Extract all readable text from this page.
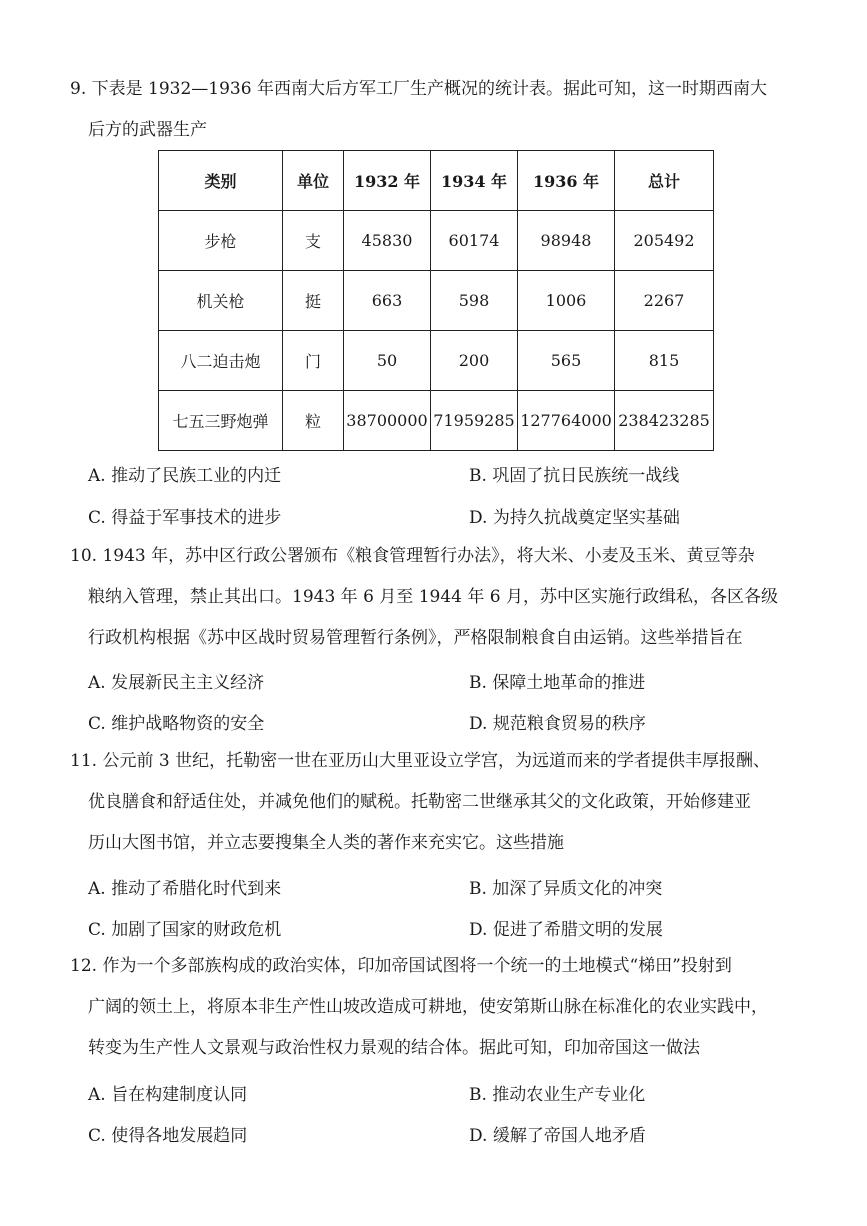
9. 下表是 1932—1936 年西南大后方军工厂生产概况的统计表。据此可知，这一时期西南大

后方的武器生产

类别	单位	1932 年	1934 年	1936 年	总计
步枪	支	45830	60174	98948	205492
机关枪	挺	663	598	1006	2267
八二迫击炮	门	50	200	565	815
七五三野炮弹	粒	38700000	71959285	127764000	238423285
A. 推动了民族工业的内迁	B. 巩固了抗日民族统一战线
C. 得益于军事技术的进步	D. 为持久抗战奠定坚实基础

10. 1943 年，苏中区行政公署颁布《粮食管理暂行办法》，将大米、小麦及玉米、黄豆等杂

粮纳入管理，禁止其出口。1943 年 6 月至 1944 年 6 月，苏中区实施行政缉私，各区各级

行政机构根据《苏中区战时贸易管理暂行条例》，严格限制粮食自由运销。这些举措旨在

A. 发展新民主主义经济	B. 保障土地革命的推进
C. 维护战略物资的安全	D. 规范粮食贸易的秩序

11. 公元前 3 世纪，托勒密一世在亚历山大里亚设立学宫，为远道而来的学者提供丰厚报酬、

优良膳食和舒适住处，并减免他们的赋税。托勒密二世继承其父的文化政策，开始修建亚

历山大图书馆，并立志要搜集全人类的著作来充实它。这些措施

A. 推动了希腊化时代到来	B. 加深了异质文化的冲突
C. 加剧了国家的财政危机	D. 促进了希腊文明的发展

12. 作为一个多部族构成的政治实体，印加帝国试图将一个统一的土地模式“梯田”投射到

广阔的领土上，将原本非生产性山坡改造成可耕地，使安第斯山脉在标准化的农业实践中，

转变为生产性人文景观与政治性权力景观的结合体。据此可知，印加帝国这一做法

A. 旨在构建制度认同	B. 推动农业生产专业化
C. 使得各地发展趋同	D. 缓解了帝国人地矛盾
